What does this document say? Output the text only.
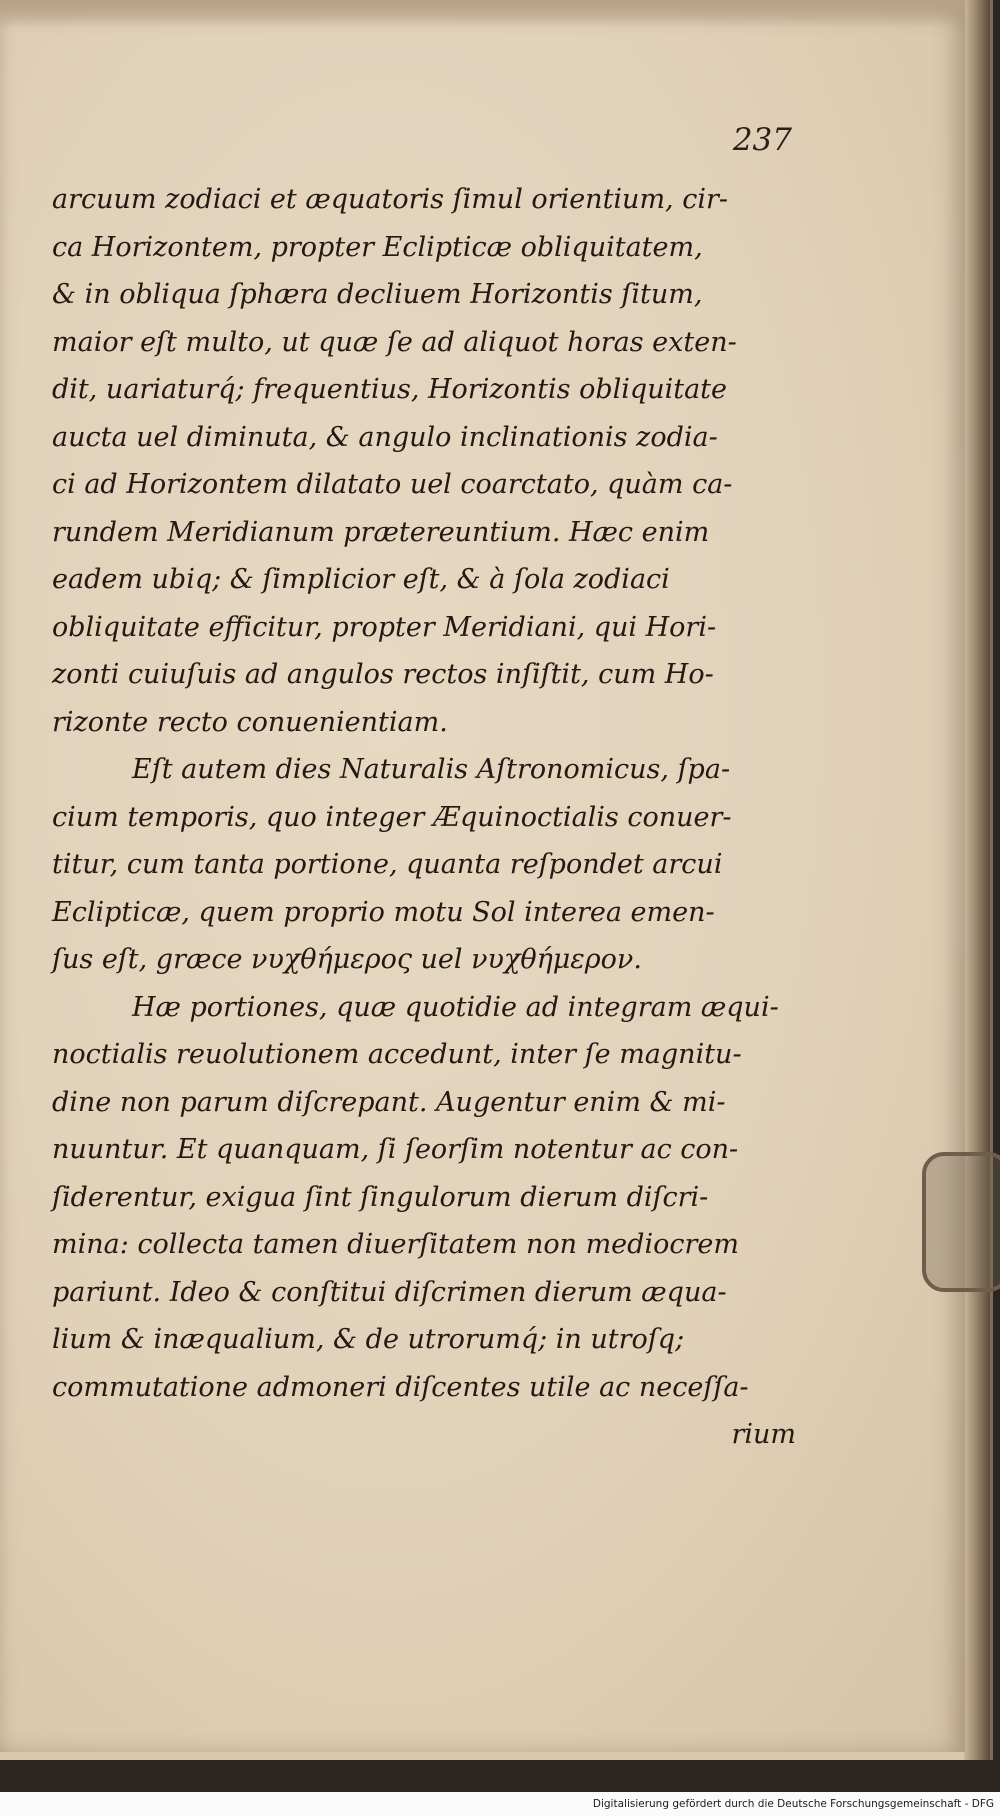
237
arcuum zodiaci et æquatoris ſimul orientium, cir-
ca Horizontem, propter Eclipticæ obliquitatem,
& in obliqua ſphæra decliuem Horizontis ſitum,
maior eſt multo, ut quæ ſe ad aliquot horas exten-
dit, uariaturq́; frequentius, Horizontis obliquitate
aucta uel diminuta, & angulo inclinationis zodia-
ci ad Horizontem dilatato uel coarctato, quàm ca-
rundem Meridianum prætereuntium. Hæc enim
eadem ubiq; & ſimplicior eſt, & à ſola zodiaci
obliquitate efficitur, propter Meridiani, qui Hori-
zonti cuiuſuis ad angulos rectos inſiſtit, cum Ho-
rizonte recto conuenientiam.
Eſt autem dies Naturalis Aſtronomicus, ſpa-
cium temporis, quo integer Æquinoctialis conuer-
titur, cum tanta portione, quanta reſpondet arcui
Eclipticæ, quem proprio motu Sol interea emen-
ſus eſt, græce νυχθήμερος uel νυχθήμερον.
Hæ portiones, quæ quotidie ad integram æqui-
noctialis reuolutionem accedunt, inter ſe magnitu-
dine non parum diſcrepant. Augentur enim & mi-
nuuntur. Et quanquam, ſi ſeorſim notentur ac con-
ſiderentur, exigua ſint ſingulorum dierum diſcri-
mina: collecta tamen diuerſitatem non mediocrem
pariunt. Ideo & conſtitui diſcrimen dierum æqua-
lium & inæqualium, & de utrorumq́; in utroſq;
commutatione admoneri diſcentes utile ac neceſſa-
rium
Digitalisierung gefördert durch die Deutsche Forschungsgemeinschaft - DFG
